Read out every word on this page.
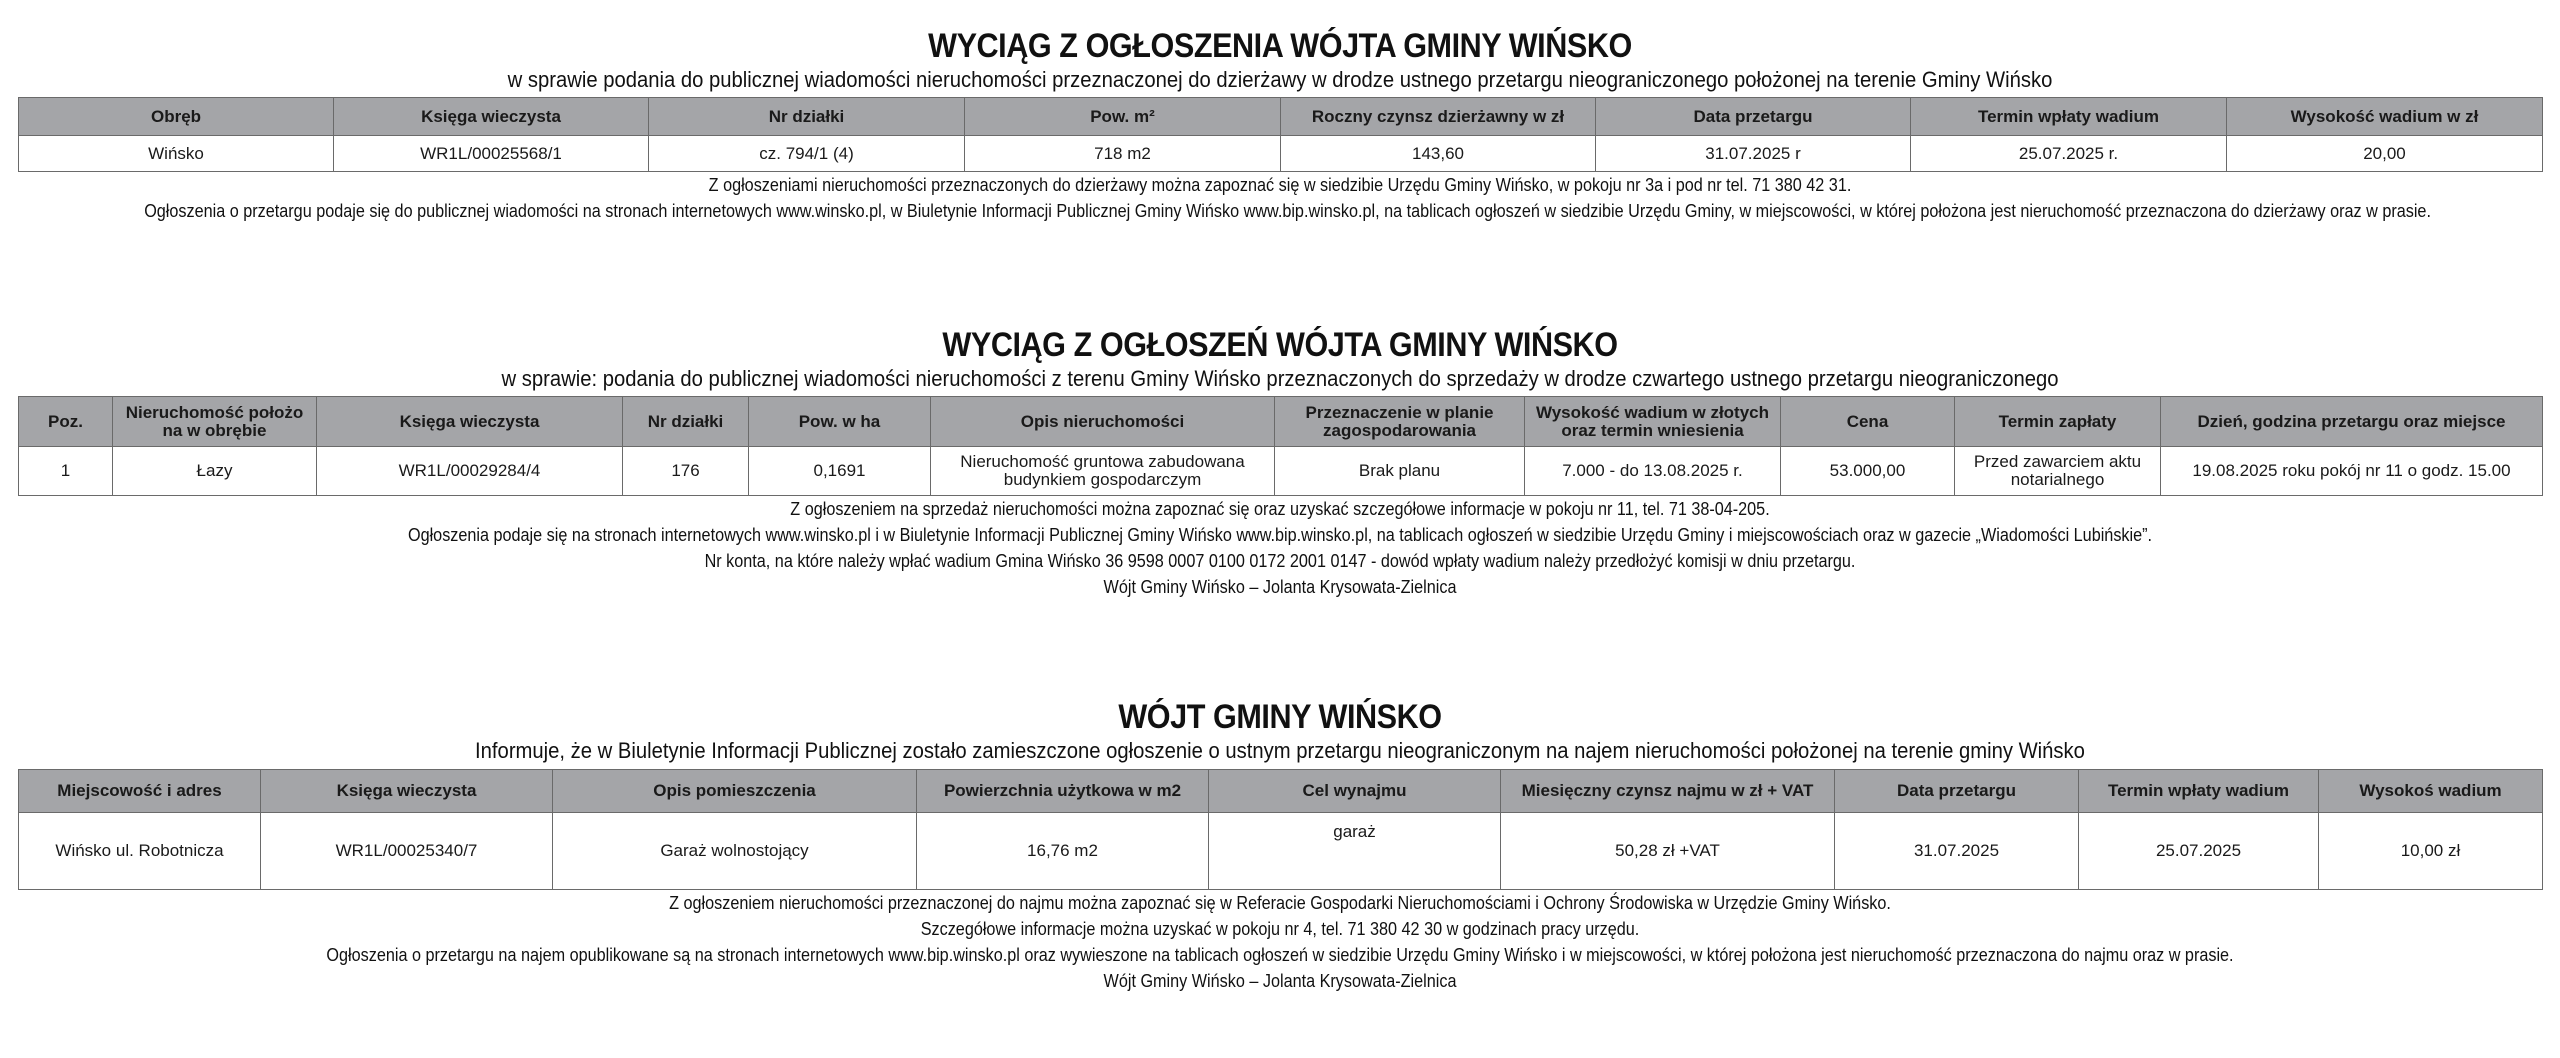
WYCIĄG Z OGŁOSZENIA WÓJTA GMINY WIŃSKO

w sprawie podania do publicznej wiadomości nieruchomości przeznaczonej do dzierżawy w drodze ustnego przetargu nieograniczonego położonej na terenie Gminy Wińsko

Obręb	Księga wieczysta	Nr działki	Pow. m²	Roczny czynsz dzierżawny w zł	Data przetargu	Termin wpłaty wadium	Wysokość wadium w zł
Wińsko	WR1L/00025568/1	cz. 794/1 (4)	718 m2	143,60	31.07.2025 r	25.07.2025 r.	20,00

Z ogłoszeniami nieruchomości przeznaczonych do dzierżawy można zapoznać się w siedzibie Urzędu Gminy Wińsko, w pokoju nr 3a i pod nr tel. 71 380 42 31.

Ogłoszenia o przetargu podaje się do publicznej wiadomości na stronach internetowych www.winsko.pl, w Biuletynie Informacji Publicznej Gminy Wińsko www.bip.winsko.pl, na tablicach ogłoszeń w siedzibie Urzędu Gminy, w miejscowości, w której położona jest nieruchomość przeznaczona do dzierżawy oraz w prasie.

WYCIĄG Z OGŁOSZEŃ WÓJTA GMINY WIŃSKO

w sprawie: podania do publicznej wiadomości nieruchomości z terenu Gminy Wińsko przeznaczonych do sprzedaży w drodze czwartego ustnego przetargu nieograniczonego

Poz.	Nieruchomość położo na w obrębie	Księga wieczysta	Nr działki	Pow. w ha	Opis nieruchomości	Przeznaczenie w planie zagospodarowania	Wysokość wadium w złotych oraz termin wniesienia	Cena	Termin zapłaty	Dzień, godzina przetargu oraz miejsce
1	Łazy	WR1L/00029284/4	176	0,1691	Nieruchomość gruntowa zabudowana budynkiem gospodarczym	Brak planu	7.000 - do 13.08.2025 r.	53.000,00	Przed zawarciem aktu notarialnego	19.08.2025 roku pokój nr 11 o godz. 15.00

Z ogłoszeniem na sprzedaż nieruchomości można zapoznać się oraz uzyskać szczegółowe informacje w pokoju nr 11, tel. 71 38-04-205.

Ogłoszenia podaje się na stronach internetowych www.winsko.pl i w Biuletynie Informacji Publicznej Gminy Wińsko www.bip.winsko.pl, na tablicach ogłoszeń w siedzibie Urzędu Gminy i miejscowościach oraz w gazecie „Wiadomości Lubińskie”.

Nr konta, na które należy wpłać wadium Gmina Wińsko 36 9598 0007 0100 0172 2001 0147 - dowód wpłaty wadium należy przedłożyć komisji w dniu przetargu.

Wójt Gminy Wińsko – Jolanta Krysowata-Zielnica

WÓJT GMINY WIŃSKO

Informuje, że w Biuletynie Informacji Publicznej zostało zamieszczone ogłoszenie o ustnym przetargu nieograniczonym na najem nieruchomości położonej na terenie gminy Wińsko

Miejscowość i adres	Księga wieczysta	Opis pomieszczenia	Powierzchnia użytkowa w m2	Cel wynajmu	Miesięczny czynsz najmu w zł + VAT	Data przetargu	Termin wpłaty wadium	Wysokoś wadium
Wińsko ul. Robotnicza	WR1L/00025340/7	Garaż wolnostojący	16,76 m2	garaż	50,28 zł +VAT	31.07.2025	25.07.2025	10,00 zł

Z ogłoszeniem nieruchomości przeznaczonej do najmu można zapoznać się w Referacie Gospodarki Nieruchomościami i Ochrony Środowiska w Urzędzie Gminy Wińsko.

Szczegółowe informacje można uzyskać w pokoju nr 4, tel. 71 380 42 30 w godzinach pracy urzędu.

Ogłoszenia o przetargu na najem opublikowane są na stronach internetowych www.bip.winsko.pl oraz wywieszone na tablicach ogłoszeń w siedzibie Urzędu Gminy Wińsko i w miejscowości, w której położona jest nieruchomość przeznaczona do najmu oraz w prasie.

Wójt Gminy Wińsko – Jolanta Krysowata-Zielnica
